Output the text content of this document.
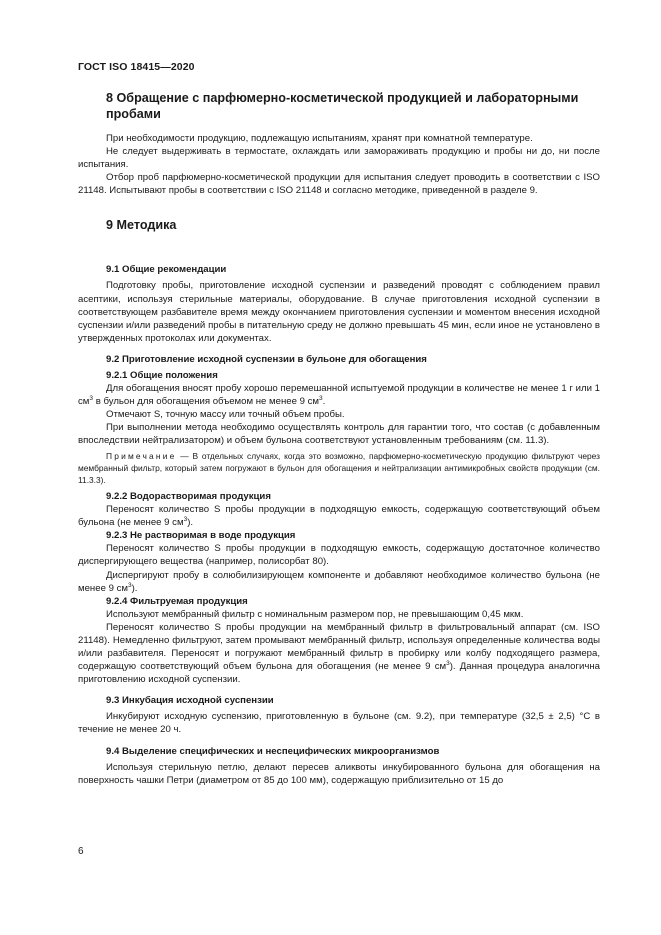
ГОСТ ISO 18415—2020
8 Обращение с парфюмерно-косметической продукцией и лабораторными пробами

При необходимости продукцию, подлежащую испытаниям, хранят при комнатной температуре.

Не следует выдерживать в термостате, охлаждать или замораживать продукцию и пробы ни до, ни после испытания.

Отбор проб парфюмерно-косметической продукции для испытания следует проводить в соответствии с ISO 21148. Испытывают пробы в соответствии с ISO 21148 и согласно методике, приведенной в разделе 9.

9 Методика
9.1 Общие рекомендации

Подготовку пробы, приготовление исходной суспензии и разведений проводят с соблюдением правил асептики, используя стерильные материалы, оборудование. В случае приготовления исходной суспензии в соответствующем разбавителе время между окончанием приготовления суспензии и моментом внесения исходной суспензии и/или разведений пробы в питательную среду не должно превышать 45 мин, если иное не установлено в утвержденных протоколах или документах.

9.2 Приготовление исходной суспензии в бульоне для обогащения
9.2.1 Общие положения

Для обогащения вносят пробу хорошо перемешанной испытуемой продукции в количестве не менее 1 г или 1 $см^3$ в бульон для обогащения объемом не менее 9 $см^3$.

Отмечают S, точную массу или точный объем пробы.

При выполнении метода необходимо осуществлять контроль для гарантии того, что состав (с добавленным впоследствии нейтрализатором) и объем бульона соответствуют установленным требованиям (см. 11.3).

Примечание — В отдельных случаях, когда это возможно, парфюмерно-косметическую продукцию фильтруют через мембранный фильтр, который затем погружают в бульон для обогащения и нейтрализации антимикробных свойств продукции (см. 11.3.3).

9.2.2 Водорастворимая продукция

Переносят количество S пробы продукции в подходящую емкость, содержащую соответствующий объем бульона (не менее 9 $см^3$).

9.2.3 Не растворимая в воде продукция

Переносят количество S пробы продукции в подходящую емкость, содержащую достаточное количество диспергирующего вещества (например, полисорбат 80).

Диспергируют пробу в солюбилизирующем компоненте и добавляют необходимое количество бульона (не менее 9 $см^3$).

9.2.4 Фильтруемая продукция

Используют мембранный фильтр с номинальным размером пор, не превышающим 0,45 мкм.

Переносят количество S пробы продукции на мембранный фильтр в фильтровальный аппарат (см. ISO 21148). Немедленно фильтруют, затем промывают мембранный фильтр, используя определенные количества воды и/или разбавителя. Переносят и погружают мембранный фильтр в пробирку или колбу подходящего размера, содержащую соответствующий объем бульона для обогащения (не менее 9 $см^3$). Данная процедура аналогична приготовлению исходной суспензии.

9.3 Инкубация исходной суспензии

Инкубируют исходную суспензию, приготовленную в бульоне (см. 9.2), при температуре (32,5 ± 2,5) °С в течение не менее 20 ч.

9.4 Выделение специфических и неспецифических микроорганизмов

Используя стерильную петлю, делают пересев аликвоты инкубированного бульона для обогащения на поверхность чашки Петри (диаметром от 85 до 100 мм), содержащую приблизительно от 15 до

6
